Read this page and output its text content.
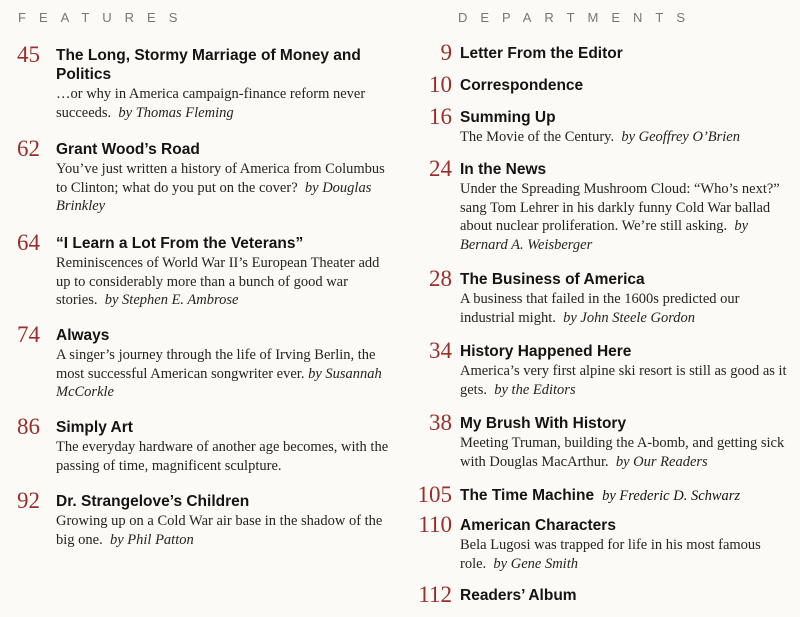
FEATURES
45 The Long, Stormy Marriage of Money and Politics
…or why in America campaign-finance reform never succeeds. by Thomas Fleming
62 Grant Wood’s Road
You’ve just written a history of America from Columbus to Clinton; what do you put on the cover? by Douglas Brinkley
64 “I Learn a Lot From the Veterans”
Reminiscences of World War II’s European Theater add up to considerably more than a bunch of good war stories. by Stephen E. Ambrose
74 Always
A singer’s journey through the life of Irving Berlin, the most successful American songwriter ever. by Susannah McCorkle
86 Simply Art
The everyday hardware of another age becomes, with the passing of time, magnificent sculpture.
92 Dr. Strangelove’s Children
Growing up on a Cold War air base in the shadow of the big one. by Phil Patton
DEPARTMENTS
9 Letter From the Editor
10 Correspondence
16 Summing Up
The Movie of the Century. by Geoffrey O’Brien
24 In the News
Under the Spreading Mushroom Cloud: “Who’s next?” sang Tom Lehrer in his darkly funny Cold War ballad about nuclear proliferation. We’re still asking. by Bernard A. Weisberger
28 The Business of America
A business that failed in the 1600s predicted our industrial might. by John Steele Gordon
34 History Happened Here
America’s very first alpine ski resort is still as good as it gets. by the Editors
38 My Brush With History
Meeting Truman, building the A-bomb, and getting sick with Douglas MacArthur. by Our Readers
105 The Time Machine by Frederic D. Schwarz
110 American Characters
Bela Lugosi was trapped for life in his most famous role. by Gene Smith
112 Readers’ Album
